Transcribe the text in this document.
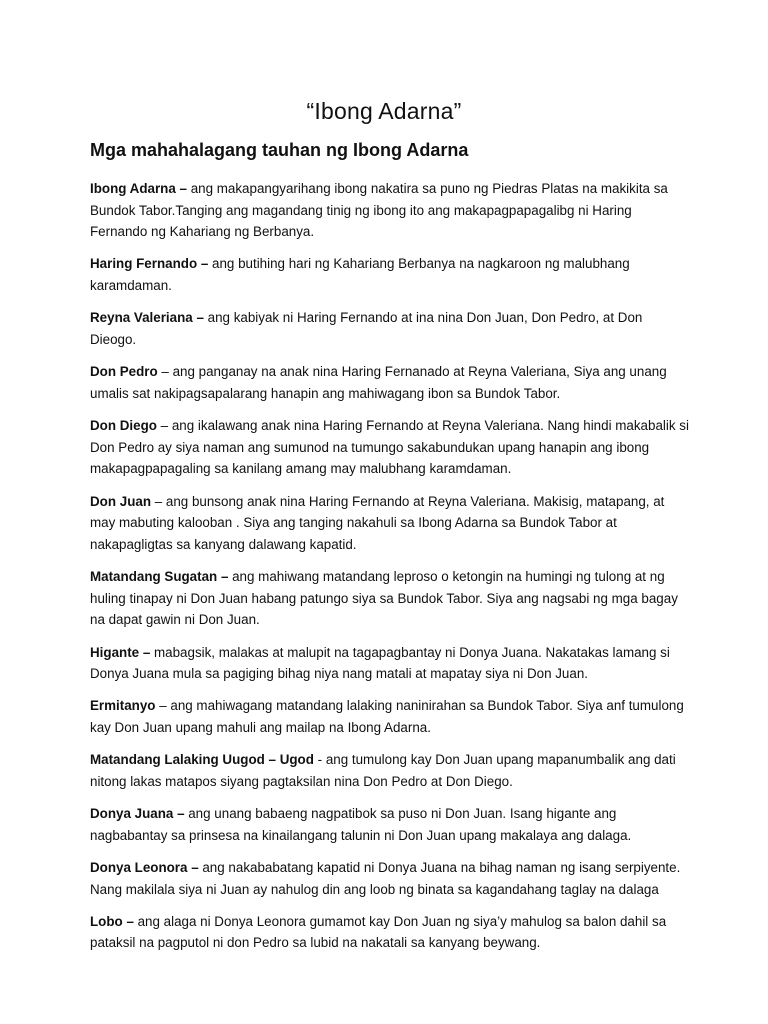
“Ibong Adarna”
Mga mahahalagang tauhan ng Ibong Adarna

Ibong Adarna – ang makapangyarihang ibong nakatira sa puno ng Piedras Platas na makikita sa Bundok Tabor.Tanging ang magandang tinig ng ibong ito ang makapagpapagalibg ni Haring Fernando ng Kahariang ng Berbanya.

Haring Fernando – ang butihing hari ng Kahariang Berbanya na nagkaroon ng malubhang karamdaman.

Reyna Valeriana – ang kabiyak ni Haring Fernando at ina nina Don Juan, Don Pedro, at Don Dieogo.

Don Pedro – ang panganay na anak nina Haring Fernanado at Reyna Valeriana, Siya ang unang umalis sat nakipagsapalarang hanapin ang mahiwagang ibon sa Bundok Tabor.

Don Diego – ang ikalawang anak nina Haring Fernando at Reyna Valeriana. Nang hindi makabalik si Don Pedro ay siya naman ang sumunod na tumungo sakabundukan upang hanapin ang ibong makapagpapagaling sa kanilang amang may malubhang karamdaman.

Don Juan – ang bunsong anak nina Haring Fernando at Reyna Valeriana. Makisig, matapang, at may mabuting kalooban . Siya ang tanging nakahuli sa Ibong Adarna sa Bundok Tabor at nakapagligtas sa kanyang dalawang kapatid.

Matandang Sugatan – ang mahiwang matandang leproso o ketongin na humingi ng tulong at ng huling tinapay ni Don Juan habang patungo siya sa Bundok Tabor. Siya ang nagsabi ng mga bagay na dapat gawin ni Don Juan.

Higante – mabagsik, malakas at malupit na tagapagbantay ni Donya Juana. Nakatakas lamang si Donya Juana mula sa pagiging bihag niya nang matali at mapatay siya ni Don Juan.

Ermitanyo – ang mahiwagang matandang lalaking naninirahan sa Bundok Tabor. Siya anf tumulong kay Don Juan upang mahuli ang mailap na Ibong Adarna.

Matandang Lalaking Uugod – Ugod - ang tumulong kay Don Juan upang mapanumbalik ang dati nitong lakas matapos siyang pagtaksilan nina Don Pedro at Don Diego.

Donya Juana – ang unang babaeng nagpatibok sa puso ni Don Juan. Isang higante ang nagbabantay sa prinsesa na kinailangang talunin ni Don Juan upang makalaya ang dalaga.

Donya Leonora – ang nakababatang kapatid ni Donya Juana na bihag naman ng isang serpiyente. Nang makilala siya ni Juan ay nahulog din ang loob ng binata sa kagandahang taglay na dalaga

Lobo – ang alaga ni Donya Leonora gumamot kay Don Juan ng siya’y mahulog sa balon dahil sa pataksil na pagputol ni don Pedro sa lubid na nakatali sa kanyang beywang.
